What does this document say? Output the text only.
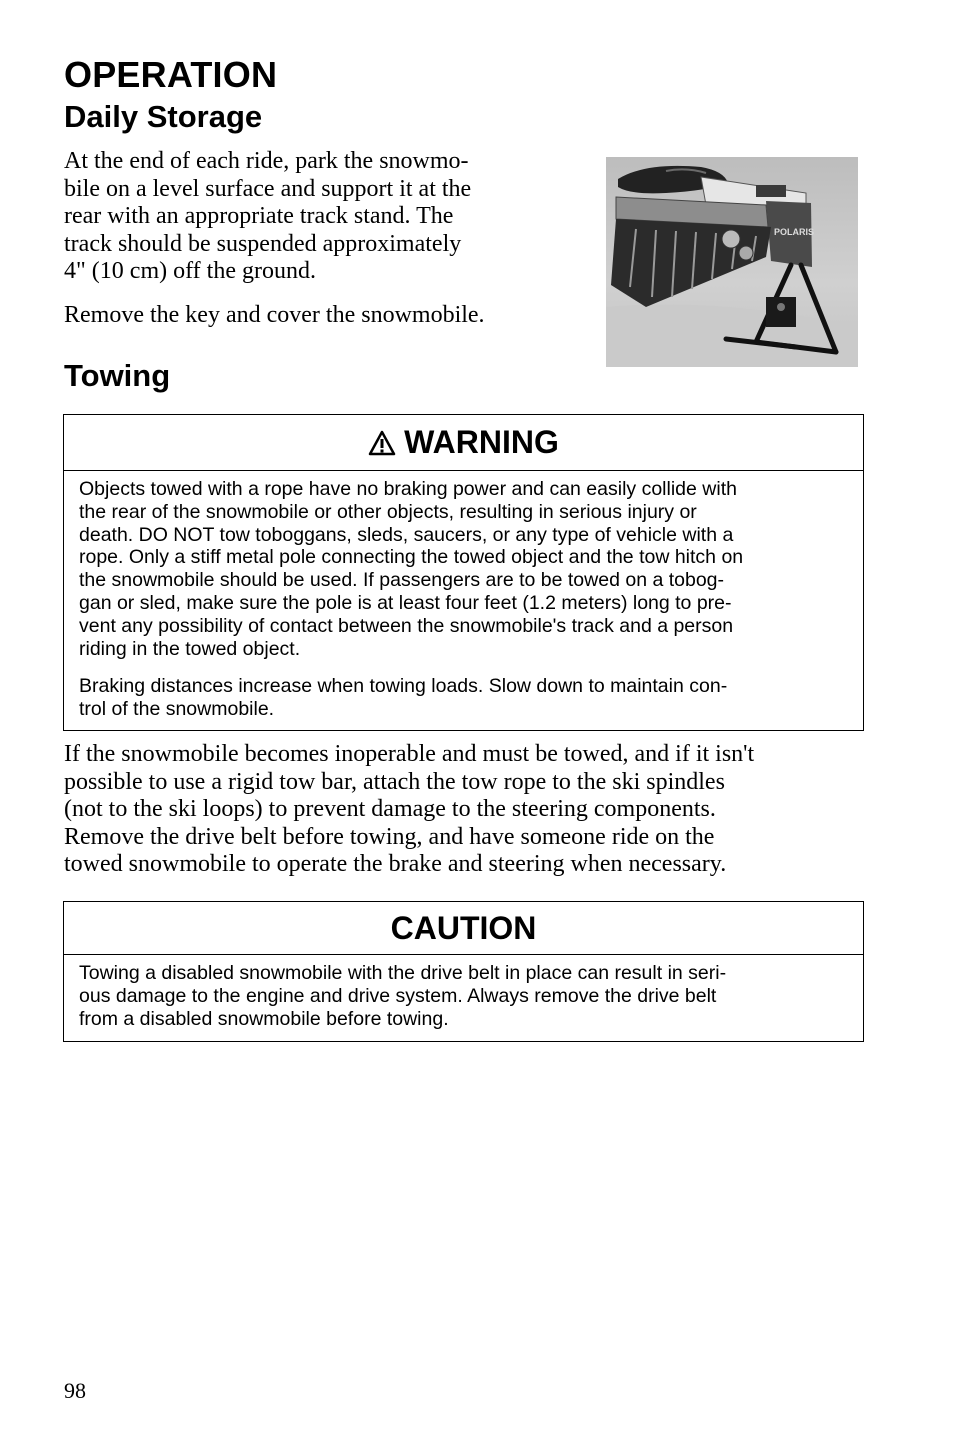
OPERATION
Daily Storage
At the end of each ride, park the snowmo-
bile on a level surface and support it at the
rear with an appropriate track stand. The
track should be suspended approximately
4" (10 cm) off the ground.
Remove the key and cover the snowmobile.
POLARIS
Towing
WARNING

Objects towed with a rope have no braking power and can easily collide with
the rear of the snowmobile or other objects, resulting in serious injury or
death. DO NOT tow toboggans, sleds, saucers, or any type of vehicle with a
rope. Only a stiff metal pole connecting the towed object and the tow hitch on
the snowmobile should be used. If passengers are to be towed on a tobog-
gan or sled, make sure the pole is at least four feet (1.2 meters) long to pre-
vent any possibility of contact between the snowmobile's track and a person
riding in the towed object.

Braking distances increase when towing loads. Slow down to maintain con-
trol of the snowmobile.

If the snowmobile becomes inoperable and must be towed, and if it isn't
possible to use a rigid tow bar, attach the tow rope to the ski spindles
(not to the ski loops) to prevent damage to the steering components.
Remove the drive belt before towing, and have someone ride on the
towed snowmobile to operate the brake and steering when necessary.
CAUTION

Towing a disabled snowmobile with the drive belt in place can result in seri-
ous damage to the engine and drive system. Always remove the drive belt
from a disabled snowmobile before towing.

98
